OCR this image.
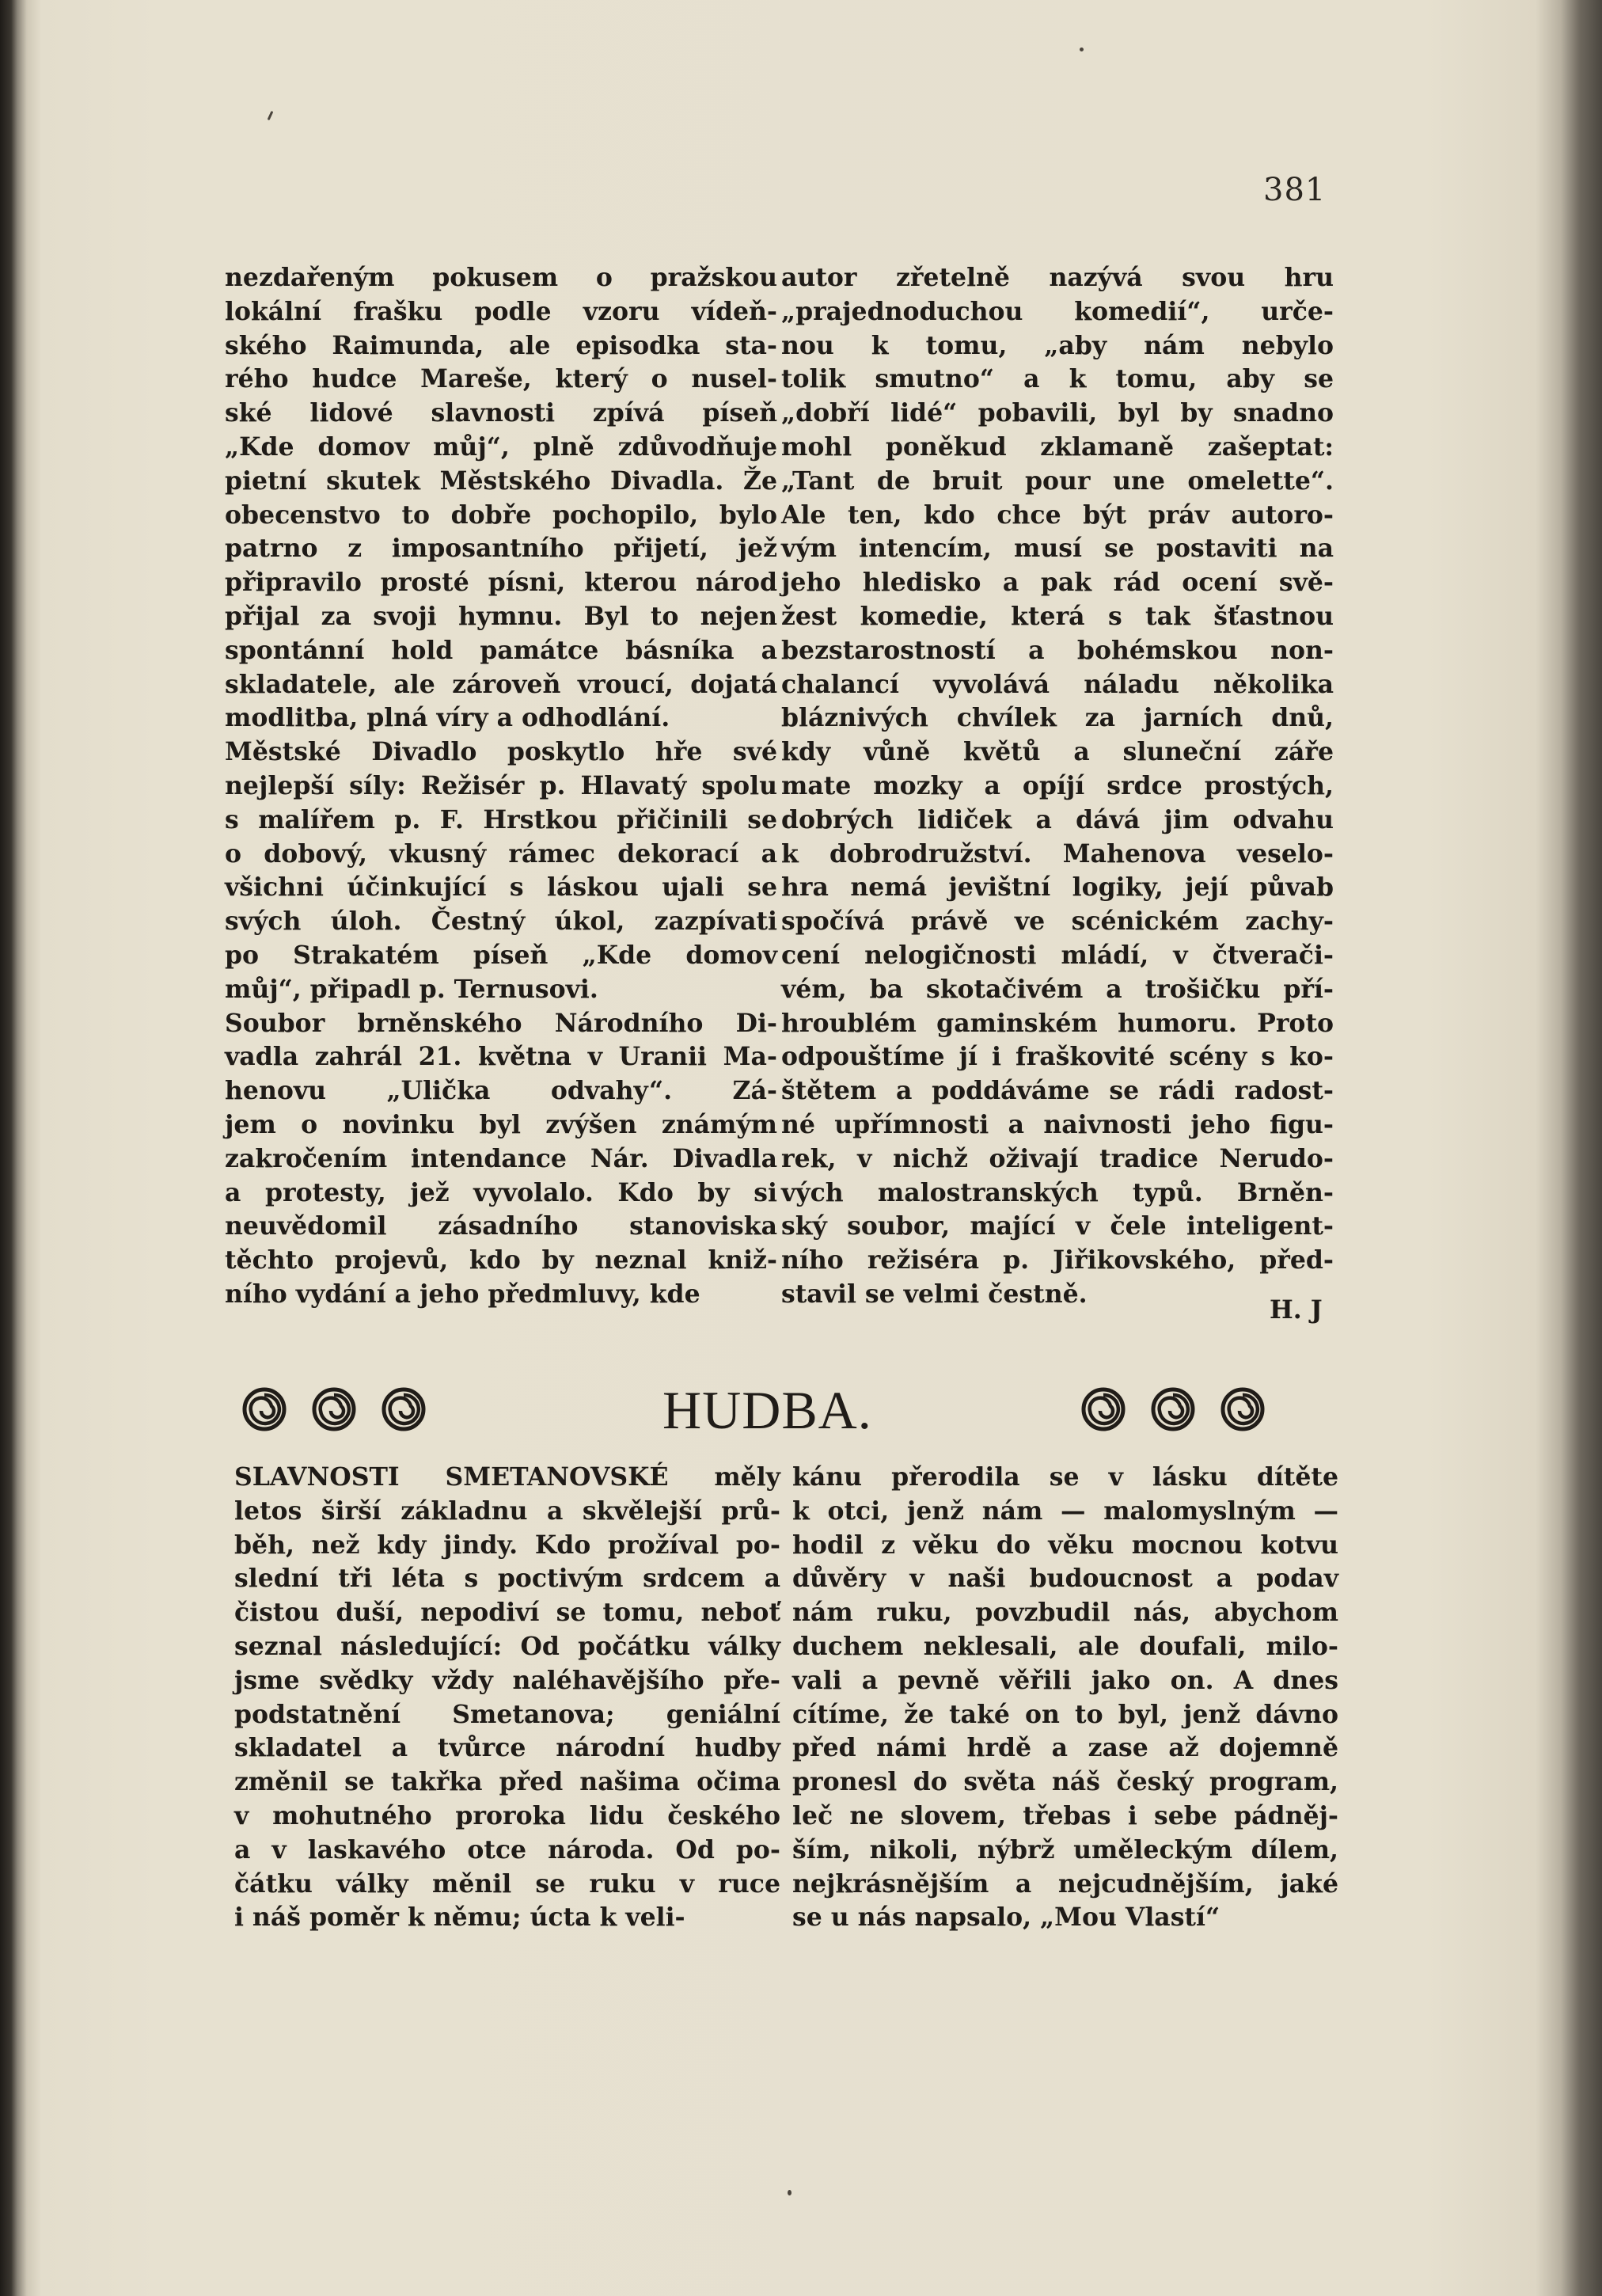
381
nezdařeným pokusem o pražskou
lokální frašku podle vzoru vídeň-
ského Raimunda, ale episodka sta-
rého hudce Mareše, který o nusel-
ské lidové slavnosti zpívá píseň
„Kde domov můj“, plně zdůvodňuje
pietní skutek Městského Divadla. Že
obecenstvo to dobře pochopilo, bylo
patrno z imposantního přijetí, jež
připravilo prosté písni, kterou národ
přijal za svoji hymnu. Byl to nejen
spontánní hold památce básníka a
skladatele, ale zároveň vroucí, dojatá
modlitba, plná víry a odhodlání.
Městské Divadlo poskytlo hře své
nejlepší síly: Režisér p. Hlavatý spolu
s malířem p. F. Hrstkou přičinili se
o dobový, vkusný rámec dekorací a
všichni účinkující s láskou ujali se
svých úloh. Čestný úkol, zazpívati
po Strakatém píseň „Kde domov
můj“, připadl p. Ternusovi.
Soubor brněnského Národního Di-
vadla zahrál 21. května v Uranii Ma-
henovu „Ulička odvahy“. Zá-
jem o novinku byl zvýšen známým
zakročením intendance Nár. Divadla
a protesty, jež vyvolalo. Kdo by si
neuvědomil zásadního stanoviska
těchto projevů, kdo by neznal kniž-
ního vydání a jeho předmluvy, kde
autor zřetelně nazývá svou hru
„prajednoduchou komedií“, urče-
nou k tomu, „aby nám nebylo
tolik smutno“ a k tomu, aby se
„dobří lidé“ pobavili, byl by snadno
mohl poněkud zklamaně zašeptat:
„Tant de bruit pour une omelette“.
Ale ten, kdo chce být práv autoro-
vým intencím, musí se postaviti na
jeho hledisko a pak rád ocení svě-
žest komedie, která s tak šťastnou
bezstarostností a bohémskou non-
chalancí vyvolává náladu několika
bláznivých chvílek za jarních dnů,
kdy vůně květů a sluneční záře
mate mozky a opíjí srdce prostých,
dobrých lidiček a dává jim odvahu
k dobrodružství. Mahenova veselo-
hra nemá jevištní logiky, její půvab
spočívá právě ve scénickém zachy-
cení nelogičnosti mládí, v čtverači-
vém, ba skotačivém a trošičku pří-
hroublém gaminském humoru. Proto
odpouštíme jí i fraškovité scény s ko-
štětem a poddáváme se rádi radost-
né upřímnosti a naivnosti jeho figu-
rek, v nichž oživají tradice Nerudo-
vých malostranských typů. Brněn-
ský soubor, mající v čele inteligent-
ního režiséra p. Jiřikovského, před-
stavil se velmi čestně.
H. J
HUDBA.
SLAVNOSTI SMETANOVSKÉ měly
letos širší základnu a skvělejší prů-
běh, než kdy jindy. Kdo prožíval po-
slední tři léta s poctivým srdcem a
čistou duší, nepodiví se tomu, neboť
seznal následující: Od počátku války
jsme svědky vždy naléhavějšího pře-
podstatnění Smetanova; geniální
skladatel a tvůrce národní hudby
změnil se takřka před našima očima
v mohutného proroka lidu českého
a v laskavého otce národa. Od po-
čátku války měnil se ruku v ruce
i náš poměr k němu; úcta k veli-
kánu přerodila se v lásku dítěte
k otci, jenž nám — malomyslným —
hodil z věku do věku mocnou kotvu
důvěry v naši budoucnost a podav
nám ruku, povzbudil nás, abychom
duchem neklesali, ale doufali, milo-
vali a pevně věřili jako on. A dnes
cítíme, že také on to byl, jenž dávno
před námi hrdě a zase až dojemně
pronesl do světa náš český program,
leč ne slovem, třebas i sebe pádněj-
ším, nikoli, nýbrž uměleckým dílem,
nejkrásnějším a nejcudnějším, jaké
se u nás napsalo, „Mou Vlastí“
